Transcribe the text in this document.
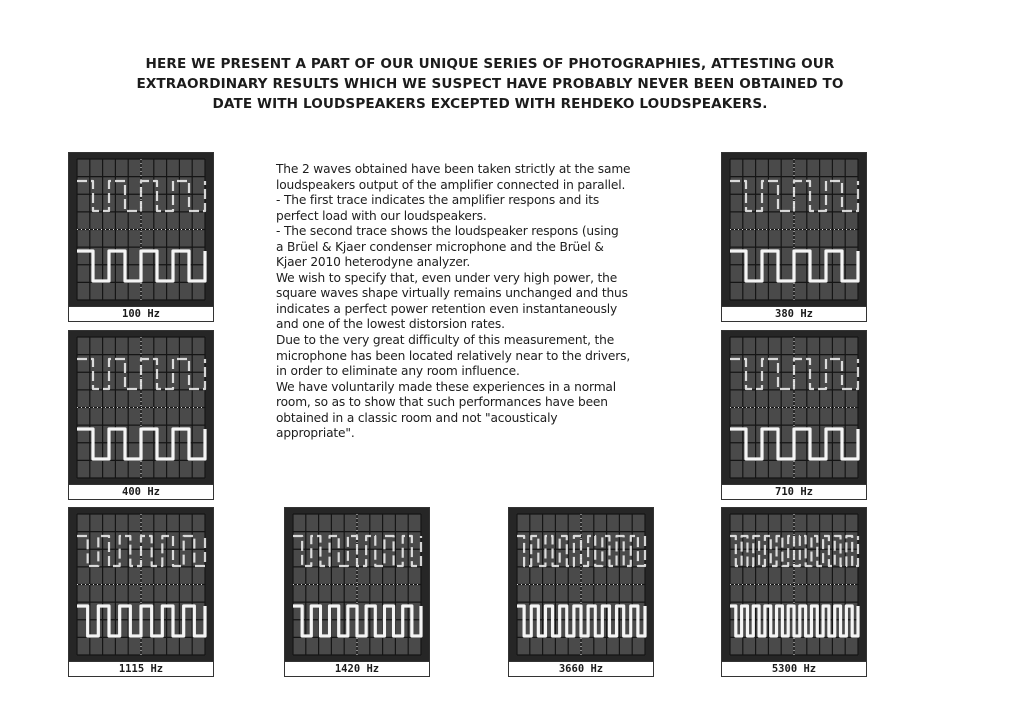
HERE WE PRESENT A PART OF OUR UNIQUE SERIES OF PHOTOGRAPHIES, ATTESTING OUR
EXTRAORDINARY RESULTS WHICH WE SUSPECT HAVE PROBABLY NEVER BEEN OBTAINED TO
DATE WITH LOUDSPEAKERS EXCEPTED WITH REHDEKO LOUDSPEAKERS.
100 Hz	380 Hz
400 Hz	710 Hz
1115 Hz	1420 Hz	3660 Hz	5300 Hz
The 2 waves obtained have been taken strictly at the same
loudspeakers output of the amplifier connected in parallel.
- The first trace indicates the amplifier respons and its
perfect load with our loudspeakers.
- The second trace shows the loudspeaker respons (using
a Brüel & Kjaer condenser microphone and the Brüel &
Kjaer 2010 heterodyne analyzer.
We wish to specify that, even under very high power, the
square waves shape virtually remains unchanged and thus
indicates a perfect power retention even instantaneously
and one of the lowest distorsion rates.
Due to the very great difficulty of this measurement, the
microphone has been located relatively near to the drivers,
in order to eliminate any room influence.
We have voluntarily made these experiences in a normal
room, so as to show that such performances have been
obtained in a classic room and not "acousticaly
appropriate".
